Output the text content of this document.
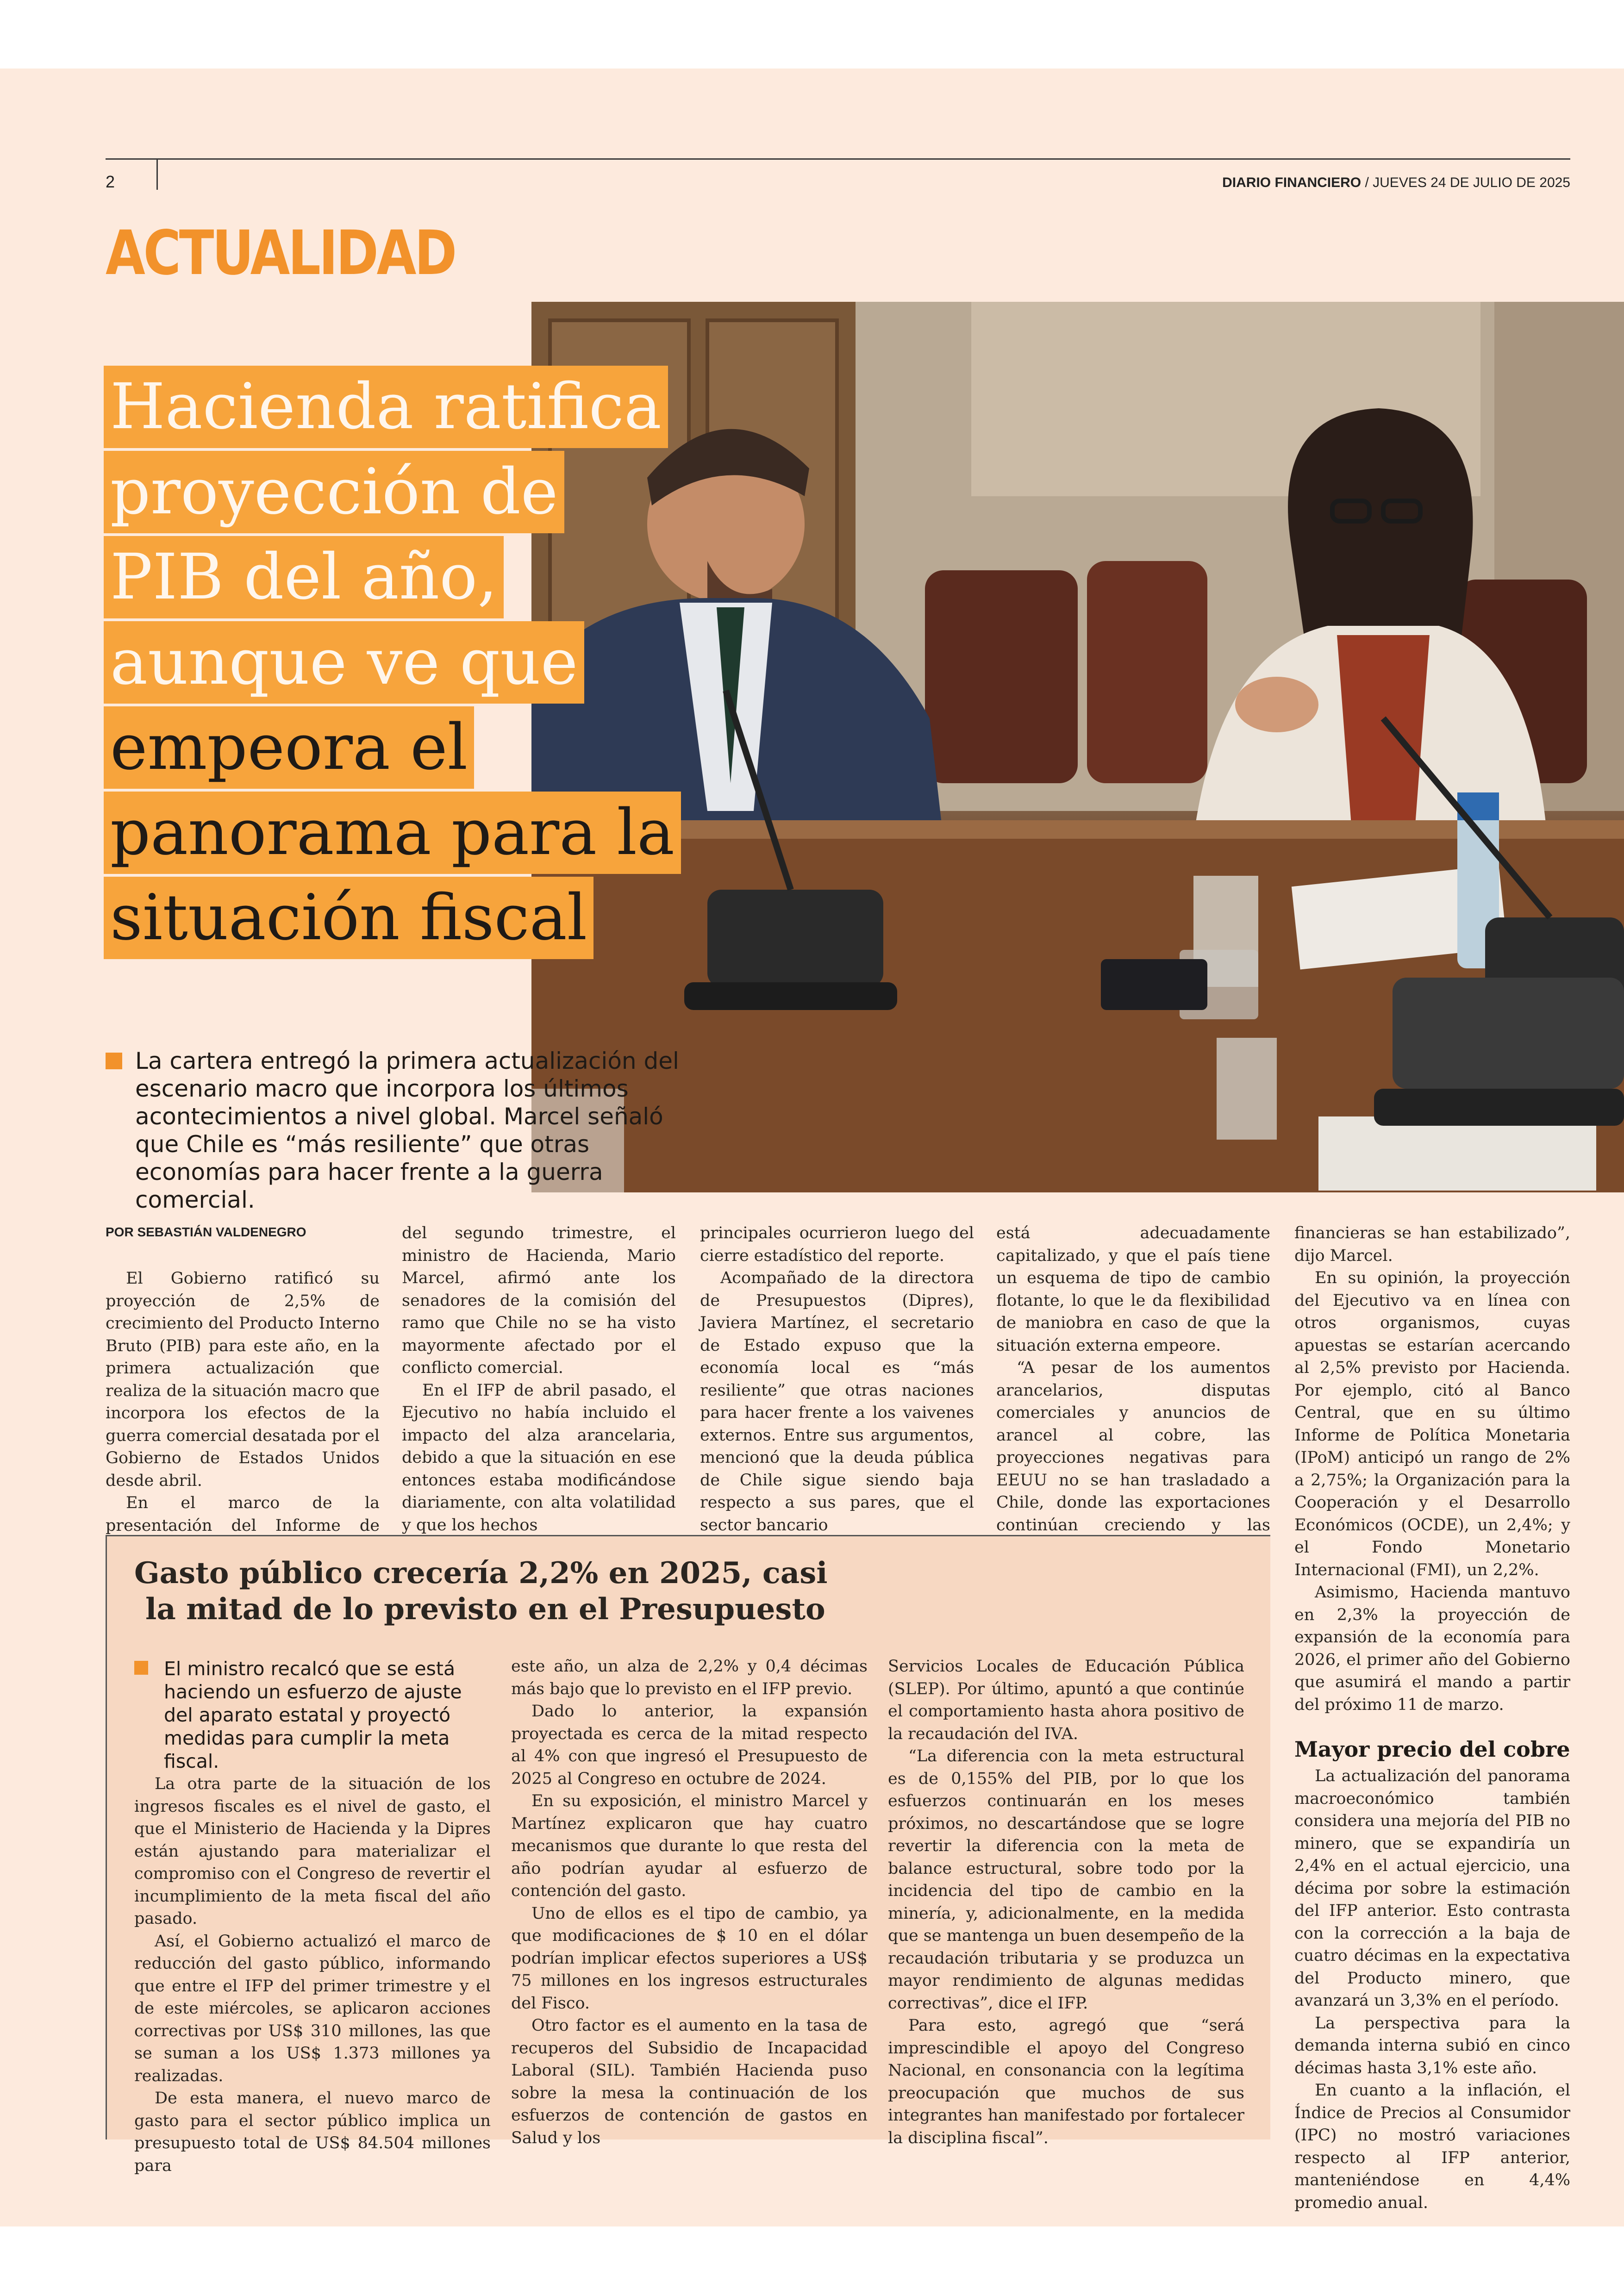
2	DIARIO FINANCIERO / JUEVES 24 DE JULIO DE 2025
ACTUALIDAD
Hacienda ratifica
proyección de
PIB del año,
aunque ve que
empeora el
panorama para la
situación fiscal

La cartera entregó la primera actualización del escenario macro que incorpora los últimos acontecimientos a nivel global. Marcel señaló que Chile es “más resiliente” que otras economías para hacer frente a la guerra comercial.

POR SEBASTIÁN VALDENEGRO

El Gobierno ratificó su proyección de 2,5% de crecimiento del Producto Interno Bruto (PIB) para este año, en la primera actualización que realiza de la situación macro que incorpora los efectos de la guerra comercial desatada por el Gobierno de Estados Unidos desde abril.

En el marco de la presentación del Informe de

del segundo trimestre, el ministro de Hacienda, Mario Marcel, afirmó ante los senadores de la comisión del ramo que Chile no se ha visto mayormente afectado por el conflicto comercial.

En el IFP de abril pasado, el Ejecutivo no había incluido el impacto del alza arancelaria, debido a que la situación en ese entonces estaba modificándose diariamente, con alta volatilidad y que los hechos

principales ocurrieron luego del cierre estadístico del reporte.

Acompañado de la directora de Presupuestos (Dipres), Javiera Martínez, el secretario de Estado expuso que la economía local es “más resiliente” que otras naciones para hacer frente a los vaivenes externos. Entre sus argumentos, mencionó que la deuda pública de Chile sigue siendo baja respecto a sus pares, que el sector bancario

está adecuadamente capitalizado, y que el país tiene un esquema de tipo de cambio flotante, lo que le da flexibilidad de maniobra en caso de que la situación externa empeore.

“A pesar de los aumentos arancelarios, disputas comerciales y anuncios de arancel al cobre, las proyecciones negativas para EEUU no se han trasladado a Chile, donde las exportaciones continúan creciendo y las

financieras se han estabilizado”, dijo Marcel.

En su opinión, la proyección del Ejecutivo va en línea con otros organismos, cuyas apuestas se estarían acercando al 2,5% previsto por Hacienda. Por ejemplo, citó al Banco Central, que en su último Informe de Política Monetaria (IPoM) anticipó un rango de 2% a 2,75%; la Organización para la Cooperación y el Desarrollo Económicos (OCDE), un 2,4%; y el Fondo Monetario Internacional (FMI), un 2,2%.

Asimismo, Hacienda mantuvo en 2,3% la proyección de expansión de la economía para 2026, el primer año del Gobierno que asumirá el mando a partir del próximo 11 de marzo.

Mayor precio del cobre

La actualización del panorama macroeconómico también considera una mejoría del PIB no minero, que se expandiría un 2,4% en el actual ejercicio, una décima por sobre la estimación del IFP anterior. Esto contrasta con la corrección a la baja de cuatro décimas en la expectativa del Producto minero, que avanzará un 3,3% en el período.

La perspectiva para la demanda interna subió en cinco décimas hasta 3,1% este año.

En cuanto a la inflación, el Índice de Precios al Consumidor (IPC) no mostró variaciones respecto al IFP anterior, manteniéndose en 4,4% promedio anual.

Gasto público crecería 2,2% en 2025, casi
la mitad de lo previsto en el Presupuesto

El ministro recalcó que se está haciendo un esfuerzo de ajuste del aparato estatal y proyectó medidas para cumplir la meta fiscal.

La otra parte de la situación de los ingresos fiscales es el nivel de gasto, el que el Ministerio de Hacienda y la Dipres están ajustando para materializar el compromiso con el Congreso de revertir el incumplimiento de la meta fiscal del año pasado.

Así, el Gobierno actualizó el marco de reducción del gasto público, informando que entre el IFP del primer trimestre y el de este miércoles, se aplicaron acciones correctivas por US$ 310 millones, las que se suman a los US$ 1.373 millones ya realizadas.

De esta manera, el nuevo marco de gasto para el sector público implica un presupuesto total de US$ 84.504 millones para

este año, un alza de 2,2% y 0,4 décimas más bajo que lo previsto en el IFP previo.

Dado lo anterior, la expansión proyectada es cerca de la mitad respecto al 4% con que ingresó el Presupuesto de 2025 al Congreso en octubre de 2024.

En su exposición, el ministro Marcel y Martínez explicaron que hay cuatro mecanismos que durante lo que resta del año podrían ayudar al esfuerzo de contención del gasto.

Uno de ellos es el tipo de cambio, ya que modificaciones de $ 10 en el dólar podrían implicar efectos superiores a US$ 75 millones en los ingresos estructurales del Fisco.

Otro factor es el aumento en la tasa de recuperos del Subsidio de Incapacidad Laboral (SIL). También Hacienda puso sobre la mesa la continuación de los esfuerzos de contención de gastos en Salud y los

Servicios Locales de Educación Pública (SLEP). Por último, apuntó a que continúe el comportamiento hasta ahora positivo de la recaudación del IVA.

“La diferencia con la meta estructural es de 0,155% del PIB, por lo que los esfuerzos continuarán en los meses próximos, no descartándose que se logre revertir la diferencia con la meta de balance estructural, sobre todo por la incidencia del tipo de cambio en la minería, y, adicionalmente, en la medida que se mantenga un buen desempeño de la recaudación tributaria y se produzca un mayor rendimiento de algunas medidas correctivas”, dice el IFP.

Para esto, agregó que “será imprescindible el apoyo del Congreso Nacional, en consonancia con la legítima preocupación que muchos de sus integrantes han manifestado por fortalecer la disciplina fiscal”.
